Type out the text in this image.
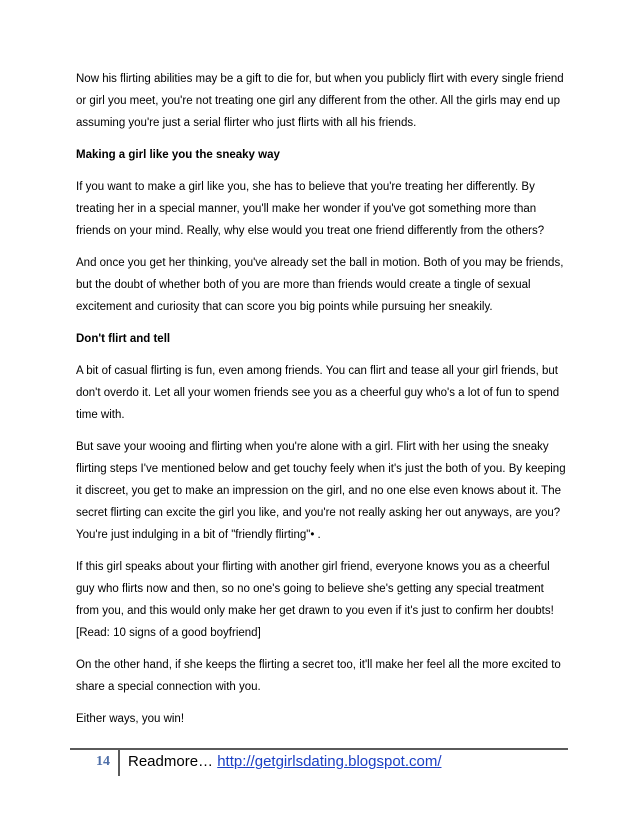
Now his flirting abilities may be a gift to die for, but when you publicly flirt with every single friend or girl you meet, you're not treating one girl any different from the other. All the girls may end up assuming you're just a serial flirter who just flirts with all his friends.

Making a girl like you the sneaky way

If you want to make a girl like you, she has to believe that you're treating her differently. By treating her in a special manner, you'll make her wonder if you've got something more than friends on your mind. Really, why else would you treat one friend differently from the others?

And once you get her thinking, you've already set the ball in motion. Both of you may be friends, but the doubt of whether both of you are more than friends would create a tingle of sexual excitement and curiosity that can score you big points while pursuing her sneakily.

Don't flirt and tell

A bit of casual flirting is fun, even among friends. You can flirt and tease all your girl friends, but don't overdo it. Let all your women friends see you as a cheerful guy who's a lot of fun to spend time with.

But save your wooing and flirting when you're alone with a girl. Flirt with her using the sneaky flirting steps I've mentioned below and get touchy feely when it's just the both of you. By keeping it discreet, you get to make an impression on the girl, and no one else even knows about it. The secret flirting can excite the girl you like, and you're not really asking her out anyways, are you? You're just indulging in a bit of "friendly flirting"• .

If this girl speaks about your flirting with another girl friend, everyone knows you as a cheerful guy who flirts now and then, so no one's going to believe she's getting any special treatment from you, and this would only make her get drawn to you even if it's just to confirm her doubts! [Read: 10 signs of a good boyfriend]

On the other hand, if she keeps the flirting a secret too, it'll make her feel all the more excited to share a special connection with you.

Either ways, you win!

14	Readmore… http://getgirlsdating.blogspot.com/
